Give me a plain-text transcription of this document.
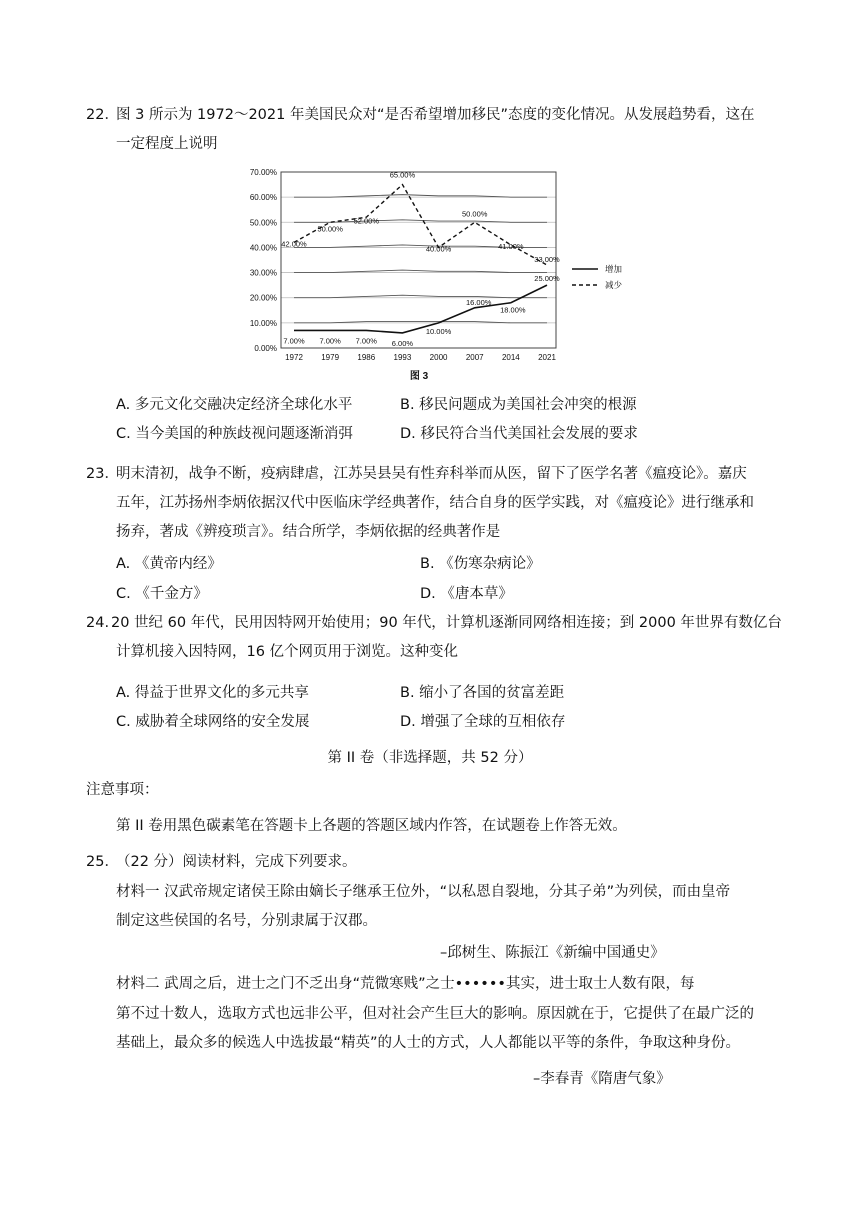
22．
图 3 所示为 1972～2021 年美国民众对“是否希望增加移民”态度的变化情况。从发展趋势看，这在
一定程度上说明
0.00%
10.00%
20.00%
30.00%
40.00%
50.00%
60.00%
70.00%
1972 1979 1986 1993 2000 2007 2014 2021
7.00% 7.00% 7.00% 6.00%
10.00%
16.00%
18.00%
25.00%
42.00%
50.00%
52.00%
65.00%
40.00%
50.00%
41.00%
33.00%
增加
减少
图 3
A. 多元文化交融决定经济全球化水平	B. 移民问题成为美国社会冲突的根源
C. 当今美国的种族歧视问题逐渐消弭	D. 移民符合当代美国社会发展的要求
23．
明末清初，战争不断，疫病肆虐，江苏吴县吴有性弃科举而从医，留下了医学名著《瘟疫论》。嘉庆
五年，江苏扬州李炳依据汉代中医临床学经典著作，结合自身的医学实践，对《瘟疫论》进行继承和
扬弃，著成《辨疫琐言》。结合所学，李炳依据的经典著作是
A. 《黄帝内经》	B. 《伤寒杂病论》
C. 《千金方》	D. 《唐本草》
24. 20 世纪 60 年代，民用因特网开始使用；90 年代，计算机逐渐同网络相连接；到 2000 年世界有数亿台
计算机接入因特网，16 亿个网页用于浏览。这种变化
A. 得益于世界文化的多元共享	B. 缩小了各国的贫富差距
C. 威胁着全球网络的安全发展	D. 增强了全球的互相依存
第 II 卷（非选择题，共 52 分）
注意事项：
第 II 卷用黑色碳素笔在答题卡上各题的答题区域内作答，在试题卷上作答无效。
25．
（22 分）阅读材料，完成下列要求。
材料一 汉武帝规定诸侯王除由嫡长子继承王位外，“以私恩自裂地，分其子弟”为列侯，而由皇帝
制定这些侯国的名号，分别隶属于汉郡。
–邱树生、陈振江《新编中国通史》
材料二 武周之后，进士之门不乏出身“荒微寒贱”之士••••••其实，进士取士人数有限，每
第不过十数人，选取方式也远非公平，但对社会产生巨大的影响。原因就在于，它提供了在最广泛的
基础上，最众多的候选人中选拔最“精英”的人士的方式，人人都能以平等的条件，争取这种身份。
–李春青《隋唐气象》
